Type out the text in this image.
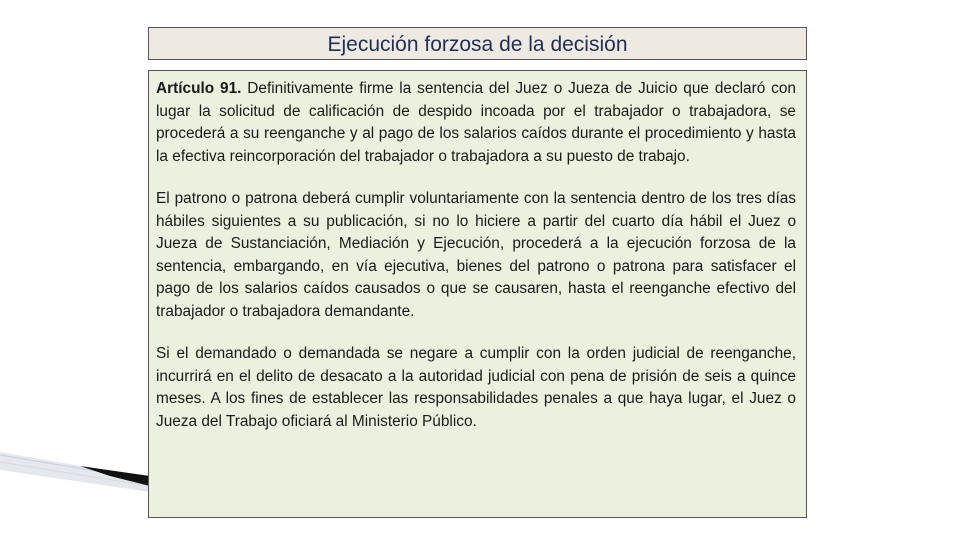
Ejecución forzosa de la decisión

Artículo 91. Definitivamente firme la sentencia del Juez o Jueza de Juicio que declaró con lugar la solicitud de calificación de despido incoada por el trabajador o trabajadora, se procederá a su reenganche y al pago de los salarios caídos durante el procedimiento y hasta la efectiva reincorporación del trabajador o trabajadora a su puesto de trabajo.

El patrono o patrona deberá cumplir voluntariamente con la sentencia dentro de los tres días hábiles siguientes a su publicación, si no lo hiciere a partir del cuarto día hábil el Juez o Jueza de Sustanciación, Mediación y Ejecución, procederá a la ejecución forzosa de la sentencia, embargando, en vía ejecutiva, bienes del patrono o patrona para satisfacer el pago de los salarios caídos causados o que se causaren, hasta el reenganche efectivo del trabajador o trabajadora demandante.

Si el demandado o demandada se negare a cumplir con la orden judicial de reenganche, incurrirá en el delito de desacato a la autoridad judicial con pena de prisión de seis a quince meses. A los fines de establecer las responsabilidades penales a que haya lugar, el Juez o Jueza del Trabajo oficiará al Ministerio Público.
